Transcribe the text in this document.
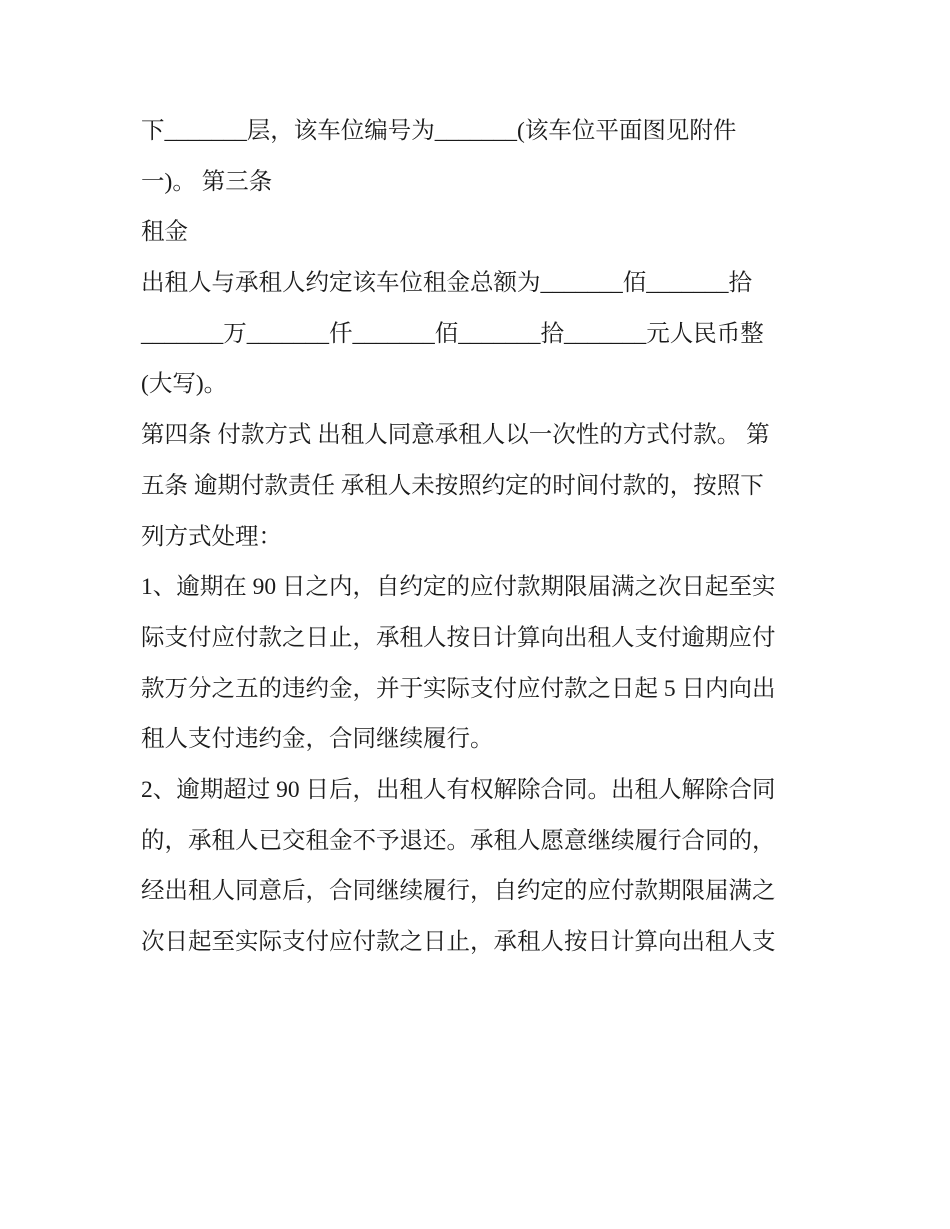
下_______层，该车位编号为_______(该车位平面图见附件
一)。 第三条
租金
出租人与承租人约定该车位租金总额为_______佰_______拾
_______万_______仟_______佰_______拾_______元人民币整
(大写)。
第四条 付款方式 出租人同意承租人以一次性的方式付款。 第
五条 逾期付款责任 承租人未按照约定的时间付款的，按照下
列方式处理：
1、逾期在 90 日之内，自约定的应付款期限届满之次日起至实
际支付应付款之日止，承租人按日计算向出租人支付逾期应付
款万分之五的违约金，并于实际支付应付款之日起 5 日内向出
租人支付违约金，合同继续履行。
2、逾期超过 90 日后，出租人有权解除合同。出租人解除合同
的，承租人已交租金不予退还。承租人愿意继续履行合同的，
经出租人同意后，合同继续履行，自约定的应付款期限届满之
次日起至实际支付应付款之日止，承租人按日计算向出租人支
